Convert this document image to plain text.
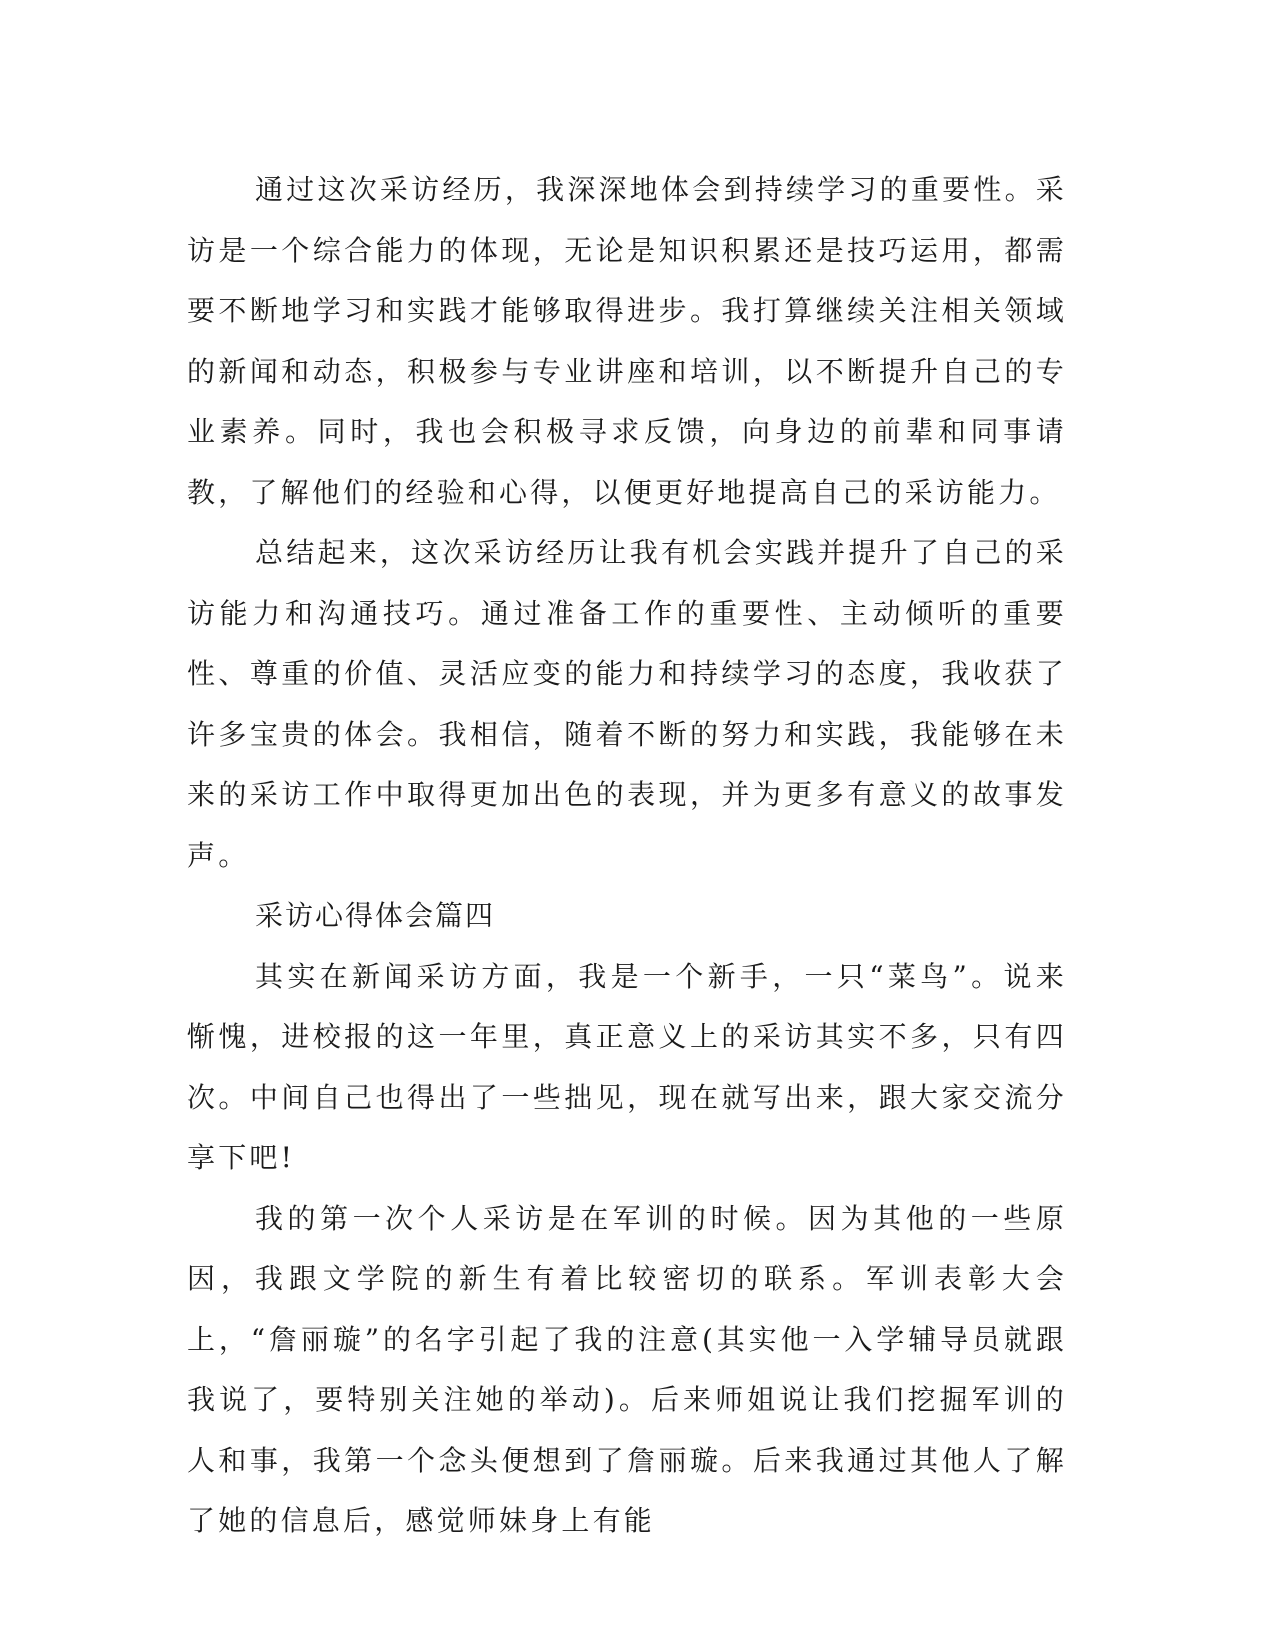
通过这次采访经历，我深深地体会到持续学习的重要性。采访是一个综合能力的体现，无论是知识积累还是技巧运用，都需要不断地学习和实践才能够取得进步。我打算继续关注相关领域的新闻和动态，积极参与专业讲座和培训，以不断提升自己的专业素养。同时，我也会积极寻求反馈，向身边的前辈和同事请教，了解他们的经验和心得，以便更好地提高自己的采访能力。

总结起来，这次采访经历让我有机会实践并提升了自己的采访能力和沟通技巧。通过准备工作的重要性、主动倾听的重要性、尊重的价值、灵活应变的能力和持续学习的态度，我收获了许多宝贵的体会。我相信，随着不断的努力和实践，我能够在未来的采访工作中取得更加出色的表现，并为更多有意义的故事发声。

采访心得体会篇四

其实在新闻采访方面，我是一个新手，一只“菜鸟”。说来惭愧，进校报的这一年里，真正意义上的采访其实不多，只有四次。中间自己也得出了一些拙见，现在就写出来，跟大家交流分享下吧!

我的第一次个人采访是在军训的时候。因为其他的一些原因，我跟文学院的新生有着比较密切的联系。军训表彰大会上，“詹丽璇”的名字引起了我的注意(其实他一入学辅导员就跟我说了，要特别关注她的举动)。后来师姐说让我们挖掘军训的人和事，我第一个念头便想到了詹丽璇。后来我通过其他人了解了她的信息后，感觉师妹身上有能
